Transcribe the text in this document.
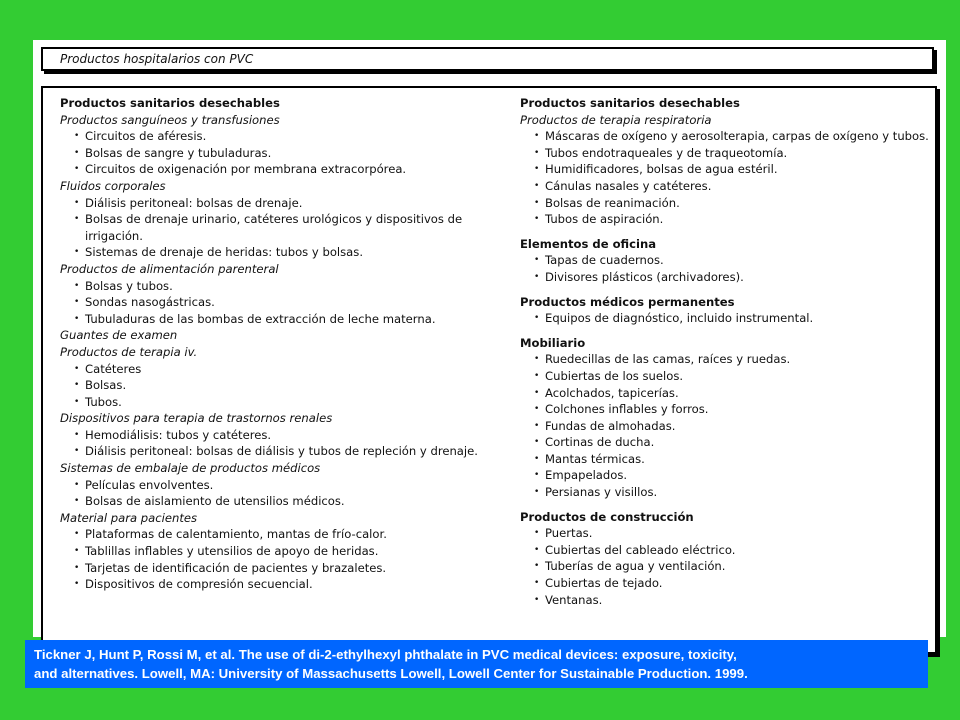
Productos hospitalarios con PVC
Productos sanitarios desechables
Productos sanguíneos y transfusiones
• Circuitos de aféresis.
• Bolsas de sangre y tubuladuras.
• Circuitos de oxigenación por membrana extracorpórea.
Fluidos corporales
• Diálisis peritoneal: bolsas de drenaje.
• Bolsas de drenaje urinario, catéteres urológicos y dispositivos de irrigación.
• Sistemas de drenaje de heridas: tubos y bolsas.
Productos de alimentación parenteral
• Bolsas y tubos.
• Sondas nasogástricas.
• Tubuladuras de las bombas de extracción de leche materna.
Guantes de examen
Productos de terapia iv.
• Catéteres
• Bolsas.
• Tubos.
Dispositivos para terapia de trastornos renales
• Hemodiálisis: tubos y catéteres.
• Diálisis peritoneal: bolsas de diálisis y tubos de repleción y drenaje.
Sistemas de embalaje de productos médicos
• Películas envolventes.
• Bolsas de aislamiento de utensilios médicos.
Material para pacientes
• Plataformas de calentamiento, mantas de frío-calor.
• Tablillas inflables y utensilios de apoyo de heridas.
• Tarjetas de identificación de pacientes y brazaletes.
• Dispositivos de compresión secuencial.
Productos sanitarios desechables
Productos de terapia respiratoria
• Máscaras de oxígeno y aerosolterapia, carpas de oxígeno y tubos.
• Tubos endotraqueales y de traqueotomía.
• Humidificadores, bolsas de agua estéril.
• Cánulas nasales y catéteres.
• Bolsas de reanimación.
• Tubos de aspiración.
Elementos de oficina
• Tapas de cuadernos.
• Divisores plásticos (archivadores).
Productos médicos permanentes
• Equipos de diagnóstico, incluido instrumental.
Mobiliario
• Ruedecillas de las camas, raíces y ruedas.
• Cubiertas de los suelos.
• Acolchados, tapicerías.
• Colchones inflables y forros.
• Fundas de almohadas.
• Cortinas de ducha.
• Mantas térmicas.
• Empapelados.
• Persianas y visillos.
Productos de construcción
• Puertas.
• Cubiertas del cableado eléctrico.
• Tuberías de agua y ventilación.
• Cubiertas de tejado.
• Ventanas.
Tickner J, Hunt P, Rossi M, et al. The use of di-2-ethylhexyl phthalate in PVC medical devices: exposure, toxicity,
and alternatives. Lowell, MA: University of Massachusetts Lowell, Lowell Center for Sustainable Production. 1999.
